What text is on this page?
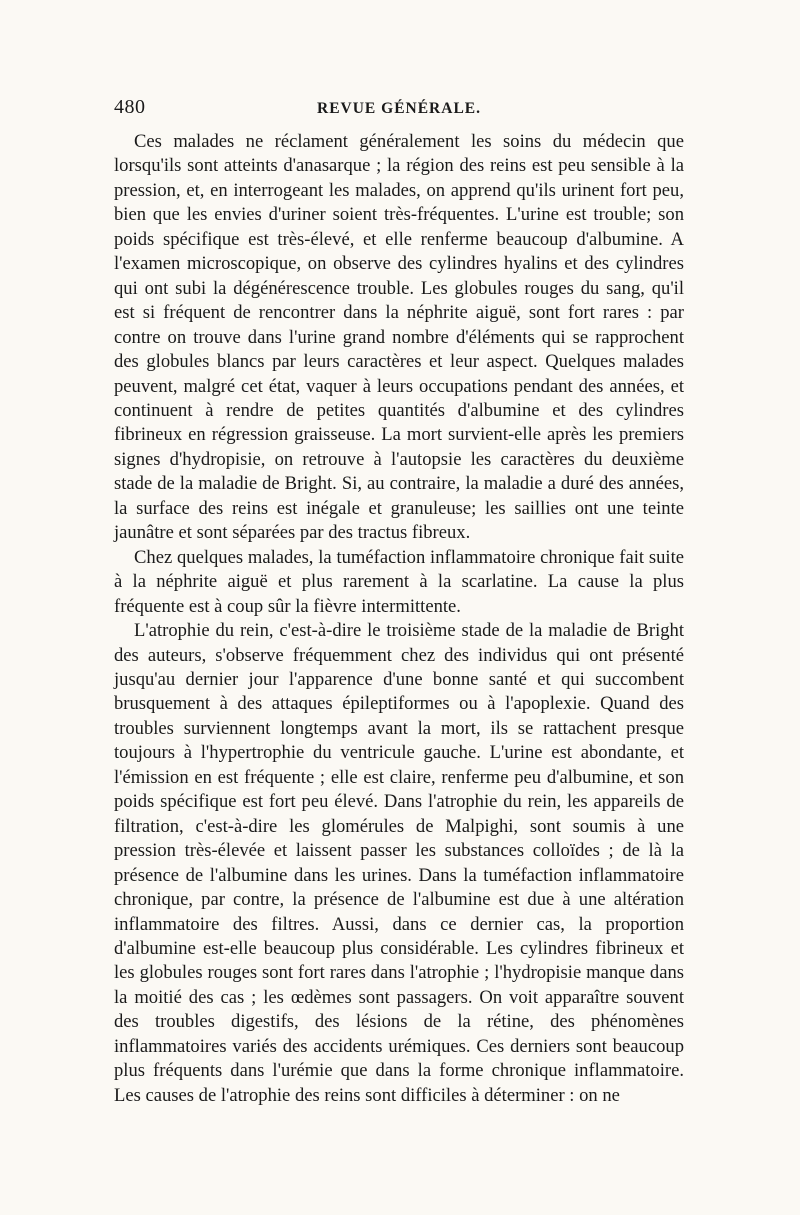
480	REVUE GÉNÉRALE.

Ces malades ne réclament généralement les soins du médecin que lorsqu'ils sont atteints d'anasarque ; la région des reins est peu sensible à la pression, et, en interrogeant les malades, on apprend qu'ils urinent fort peu, bien que les envies d'uriner soient très-fréquentes. L'urine est trouble; son poids spécifique est très-élevé, et elle renferme beaucoup d'albumine. A l'examen microscopique, on observe des cylindres hyalins et des cylindres qui ont subi la dégénérescence trouble. Les globules rouges du sang, qu'il est si fréquent de rencontrer dans la néphrite aiguë, sont fort rares : par contre on trouve dans l'urine grand nombre d'éléments qui se rapprochent des globules blancs par leurs caractères et leur aspect. Quelques malades peuvent, malgré cet état, vaquer à leurs occupations pendant des années, et continuent à rendre de petites quantités d'albumine et des cylindres fibrineux en régression graisseuse. La mort survient-elle après les premiers signes d'hydropisie, on retrouve à l'autopsie les caractères du deuxième stade de la maladie de Bright. Si, au contraire, la maladie a duré des années, la surface des reins est inégale et granuleuse; les saillies ont une teinte jaunâtre et sont séparées par des tractus fibreux.

Chez quelques malades, la tuméfaction inflammatoire chronique fait suite à la néphrite aiguë et plus rarement à la scarlatine. La cause la plus fréquente est à coup sûr la fièvre intermittente.

L'atrophie du rein, c'est-à-dire le troisième stade de la maladie de Bright des auteurs, s'observe fréquemment chez des individus qui ont présenté jusqu'au dernier jour l'apparence d'une bonne santé et qui succombent brusquement à des attaques épileptiformes ou à l'apoplexie. Quand des troubles surviennent longtemps avant la mort, ils se rattachent presque toujours à l'hypertrophie du ventricule gauche. L'urine est abondante, et l'émission en est fréquente ; elle est claire, renferme peu d'albumine, et son poids spécifique est fort peu élevé. Dans l'atrophie du rein, les appareils de filtration, c'est-à-dire les glomérules de Malpighi, sont soumis à une pression très-élevée et laissent passer les substances colloïdes ; de là la présence de l'albumine dans les urines. Dans la tuméfaction inflammatoire chronique, par contre, la présence de l'albumine est due à une altération inflammatoire des filtres. Aussi, dans ce dernier cas, la proportion d'albumine est-elle beaucoup plus considérable. Les cylindres fibrineux et les globules rouges sont fort rares dans l'atrophie ; l'hydropisie manque dans la moitié des cas ; les œdèmes sont passagers. On voit apparaître souvent des troubles digestifs, des lésions de la rétine, des phénomènes inflammatoires variés des accidents urémiques. Ces derniers sont beaucoup plus fréquents dans l'urémie que dans la forme chronique inflammatoire. Les causes de l'atrophie des reins sont difficiles à déterminer : on ne
